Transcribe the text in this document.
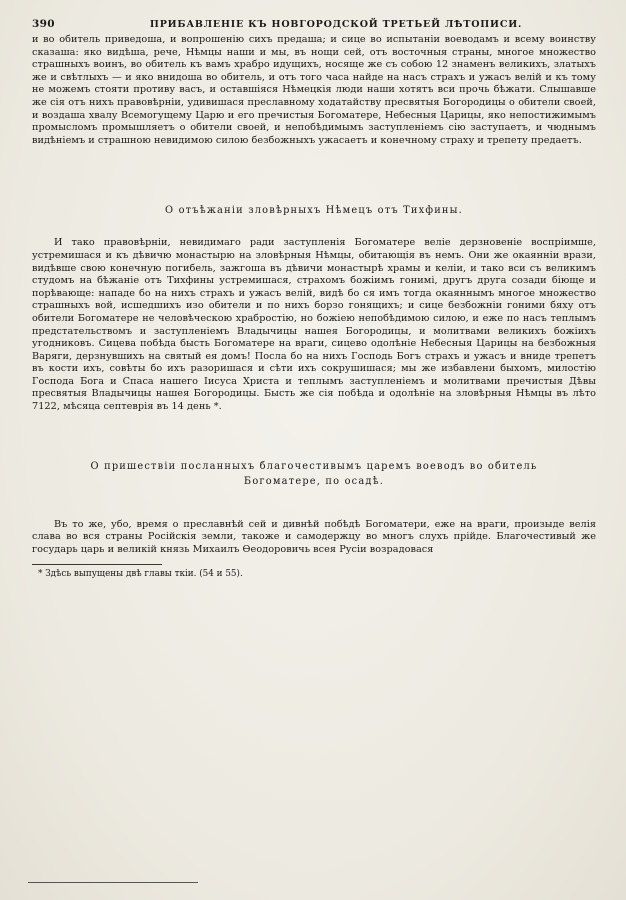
390	ПРИБАВЛЕНІЕ КЪ НОВГОРОДСКОЙ ТРЕТЬЕЙ ЛѢТОПИСИ.

и во обитель приведоша, и вопрошенію сихъ предаша; и сице во испытаніи воеводамъ и всему воинству сказаша: яко видѣша, рече, Нѣмцы наши и мы, въ нощи сей, отъ восточныя страны, многое множество страшныхъ воинъ, во обитель къ вамъ храбро идущихъ, носяще же съ собою 12 знаменъ великихъ, златыхъ же и свѣтлыхъ — и яко внидоша во обитель, и отъ того часа найде на насъ страхъ и ужасъ велій и къ тому не можемъ стояти противу васъ, и оставшіяся Нѣмецкія люди наши хотятъ вси прочь бѣжати. Слышавше же сія отъ нихъ правовѣрніи, удивишася преславному ходатайству пресвятыя Богородицы о обители своей, и воздаша хвалу Всемогущему Царю и его пречистыя Богоматере, Небесныя Царицы, яко непостижимымъ промысломъ промышляетъ о обители своей, и непобѣдимымъ заступленіемъ сію заступаетъ, и чюднымъ видѣніемъ и страшною невидимою силою безбожныхъ ужасаетъ и конечному страху и трепету предаетъ.

О отъѣжаніи зловѣрныхъ Нѣмецъ отъ Тихфины.

И тако правовѣрніи, невидимаго ради заступленія Богоматере веліе дерзновеніе воспріимше, устремишася и къ дѣвичю монастырю на зловѣрныя Нѣмцы, обитающія въ немъ. Они же окаянніи врази, видѣвше свою конечную погибель, зажгоша въ дѣвичи монастырѣ храмы и келіи, и тако вси съ великимъ студомъ на бѣжаніе отъ Тихфины устремишася, страхомъ божіимъ гонимі, другъ друга созади біюще и порѣвающе: нападе бо на нихъ страхъ и ужасъ велій, видѣ бо ся имъ тогда окаяннымъ многое множество страшныхъ вой, исшедшихъ изо обители и по нихъ борзо гонящихъ; и сице безбожніи гоними бяху отъ обители Богоматере не человѣческою храбростію, но божіею непобѣдимою силою, и еже по насъ теплымъ предстательствомъ и заступленіемъ Владычицы нашея Богородицы, и молитвами великихъ божіихъ угодниковъ. Сицева побѣда бысть Богоматере на враги, сицево одолѣніе Небесныя Царицы на безбожныя Варяги, дерзнувшихъ на святый ея домъ! Посла бо на нихъ Господь Богъ страхъ и ужасъ и вниде трепетъ въ кости ихъ, совѣты бо ихъ разоришася и сѣти ихъ сокрушишася; мы же избавлени быхомъ, милостію Господа Бога и Спаса нашего Іисуса Христа и теплымъ заступленіемъ и молитвами пречистыя Дѣвы пресвятыя Владычицы нашея Богородицы. Бысть же сія побѣда и одолѣніе на зловѣрныя Нѣмцы въ лѣто 7122, мѣсяца септеврія въ 14 день *.

О пришествіи посланныхъ благочестивымъ царемъ воеводъ во обитель

Богоматере, по осадѣ.

Въ то же, убо, время о преславнѣй сей и дивнѣй побѣдѣ Богоматери, еже на враги, произыде велія слава во вся страны Російскія земли, такоже и самодержцу во многъ слухъ прійде. Благочестивый же государь царь и великій князь Михаилъ Ѳеодоровичь всея Русіи возрадовася

* Здѣсь выпущены двѣ главы ткіи. (54 и 55).
